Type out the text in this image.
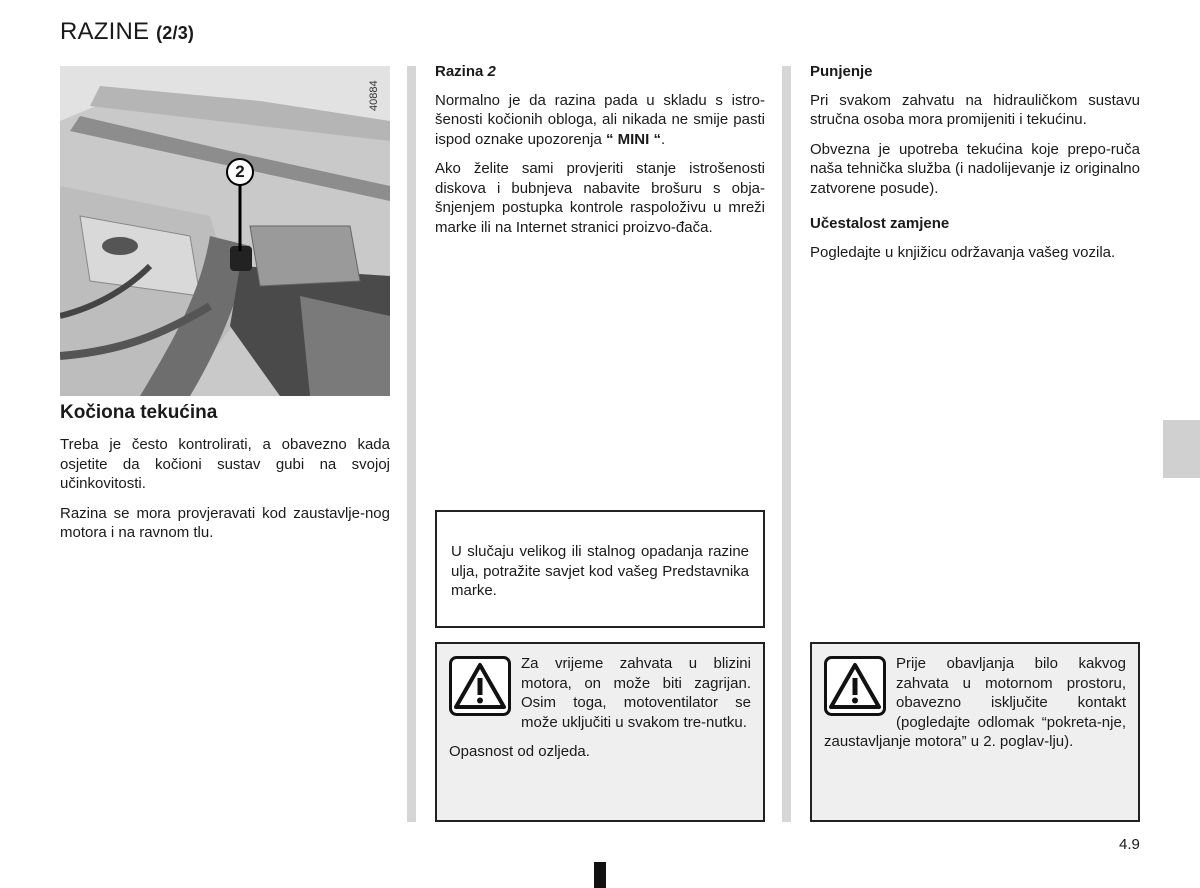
RAZINE (2/3)
2
40884
Kočiona tekućina

Treba je često kontrolirati, a obavezno kada osjetite da kočioni sustav gubi na svojoj učinkovitosti.

Razina se mora provjeravati kod zaustavlje-nog motora i na ravnom tlu.

Razina 2

Normalno je da razina pada u skladu s istro-šenosti kočionih obloga, ali nikada ne smije pasti ispod oznake upozorenja “ MINI “.

Ako želite sami provjeriti stanje istrošenosti diskova i bubnjeva nabavite brošuru s obja-šnjenjem postupka kontrole raspoloživu u mreži marke ili na Internet stranici proizvo-đača.

Punjenje

Pri svakom zahvatu na hidrauličkom sustavu stručna osoba mora promijeniti i tekućinu.

Obvezna je upotreba tekućina koje prepo-ruča naša tehnička služba (i nadolijevanje iz originalno zatvorene posude).

Učestalost zamjene

Pogledajte u knjižicu održavanja vašeg vozila.

U slučaju velikog ili stalnog opadanja razine ulja, potražite savjet kod vašeg Predstavnika marke.

Za vrijeme zahvata u blizini motora, on može biti zagrijan. Osim toga, motoventilator se može uključiti u svakom tre-nutku.

Opasnost od ozljeda.

Prije obavljanja bilo kakvog zahvata u motornom prostoru, obavezno isključite kontakt (pogledajte odlomak “pokreta-nje, zaustavljanje motora” u 2. poglav-lju).

4.9
